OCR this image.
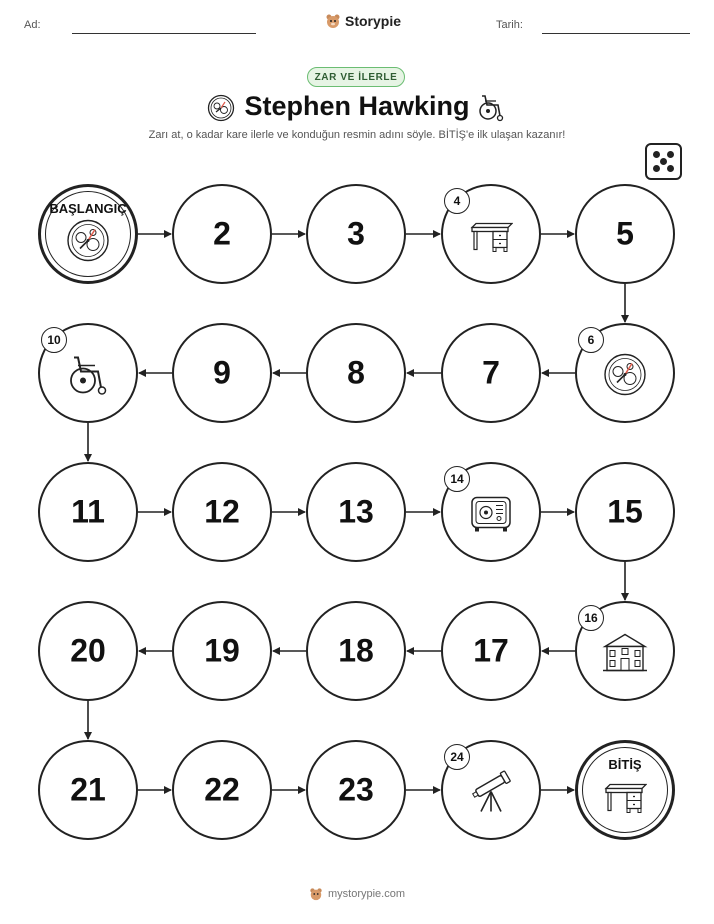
Ad:	Storypie	Tarih:
ZAR VE İLERLE
Stephen Hawking
Zarı at, o kadar kare ilerle ve konduğun resmin adını söyle. BİTİŞ'e ilk ulaşan kazanır!
BAŞLANGIÇ
2	3
4
5
6
7
8
9
10
11	12	13
14
15
16
17
18
19
20
21	22	23
24	BİTİŞ
mystorypie.com
